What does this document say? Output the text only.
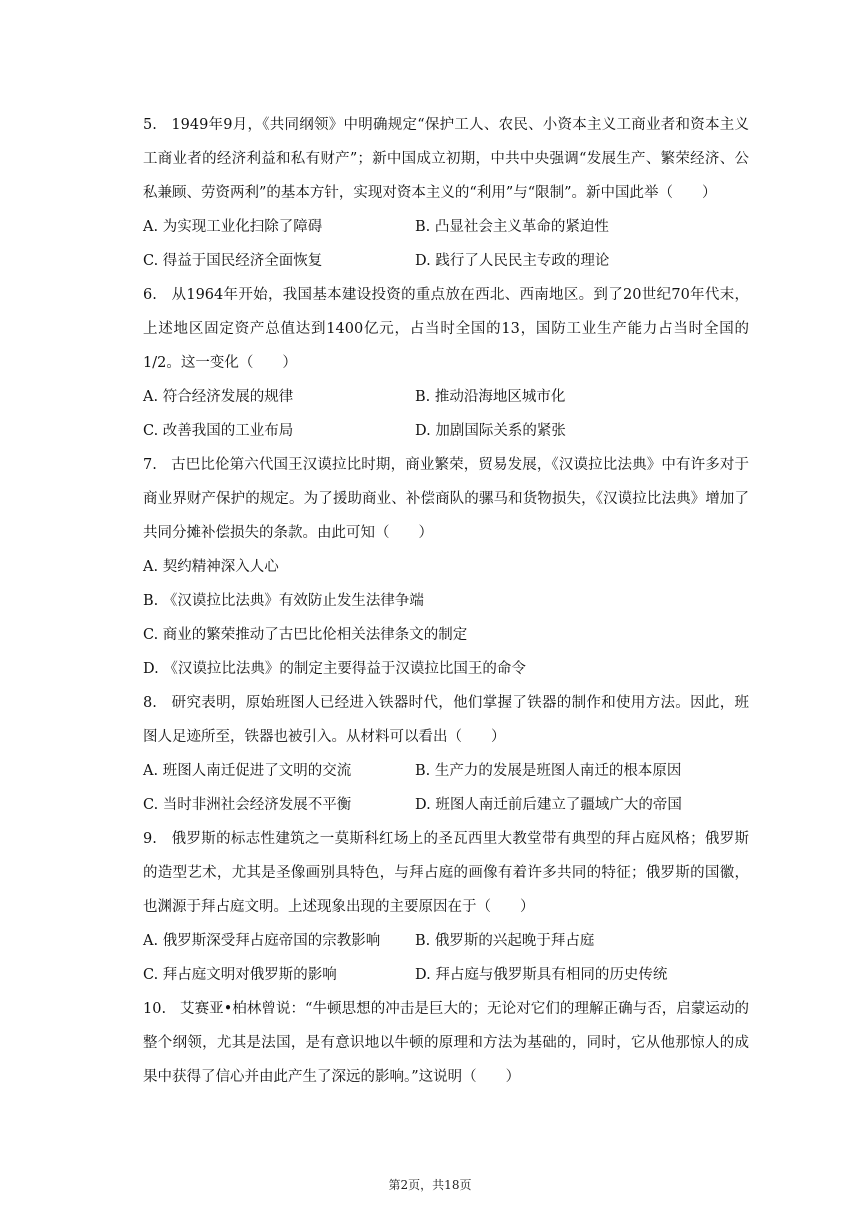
5. 1949年9月，《共同纲领》中明确规定“保护工人、农民、小资本主义工商业者和资本主义工商业者的经济利益和私有财产”；新中国成立初期，中共中央强调“发展生产、繁荣经济、公私兼顾、劳资两利”的基本方针，实现对资本主义的“利用”与“限制”。新中国此举（　　）

A. 为实现工业化扫除了障碍	B. 凸显社会主义革命的紧迫性
C. 得益于国民经济全面恢复	D. 践行了人民民主专政的理论

6. 从1964年开始，我国基本建设投资的重点放在西北、西南地区。到了20世纪70年代末，上述地区固定资产总值达到1400亿元，占当时全国的13，国防工业生产能力占当时全国的1/2。这一变化（　　）

A. 符合经济发展的规律	B. 推动沿海地区城市化
C. 改善我国的工业布局	D. 加剧国际关系的紧张

7. 古巴比伦第六代国王汉谟拉比时期，商业繁荣，贸易发展，《汉谟拉比法典》中有许多对于商业界财产保护的规定。为了援助商业、补偿商队的骡马和货物损失，《汉谟拉比法典》增加了共同分摊补偿损失的条款。由此可知（　　）

A. 契约精神深入人心
B. 《汉谟拉比法典》有效防止发生法律争端
C. 商业的繁荣推动了古巴比伦相关法律条文的制定
D. 《汉谟拉比法典》的制定主要得益于汉谟拉比国王的命令

8. 研究表明，原始班图人已经进入铁器时代，他们掌握了铁器的制作和使用方法。因此，班图人足迹所至，铁器也被引入。从材料可以看出（　　）

A. 班图人南迁促进了文明的交流	B. 生产力的发展是班图人南迁的根本原因
C. 当时非洲社会经济发展不平衡	D. 班图人南迁前后建立了疆域广大的帝国

9. 俄罗斯的标志性建筑之一莫斯科红场上的圣瓦西里大教堂带有典型的拜占庭风格；俄罗斯的造型艺术，尤其是圣像画别具特色，与拜占庭的画像有着许多共同的特征；俄罗斯的国徽，也渊源于拜占庭文明。上述现象出现的主要原因在于（　　）

A. 俄罗斯深受拜占庭帝国的宗教影响	B. 俄罗斯的兴起晚于拜占庭
C. 拜占庭文明对俄罗斯的影响	D. 拜占庭与俄罗斯具有相同的历史传统

10. 艾赛亚•柏林曾说：“牛顿思想的冲击是巨大的；无论对它们的理解正确与否，启蒙运动的整个纲领，尤其是法国，是有意识地以牛顿的原理和方法为基础的，同时，它从他那惊人的成果中获得了信心并由此产生了深远的影响。”这说明（　　）

第2页，共18页
